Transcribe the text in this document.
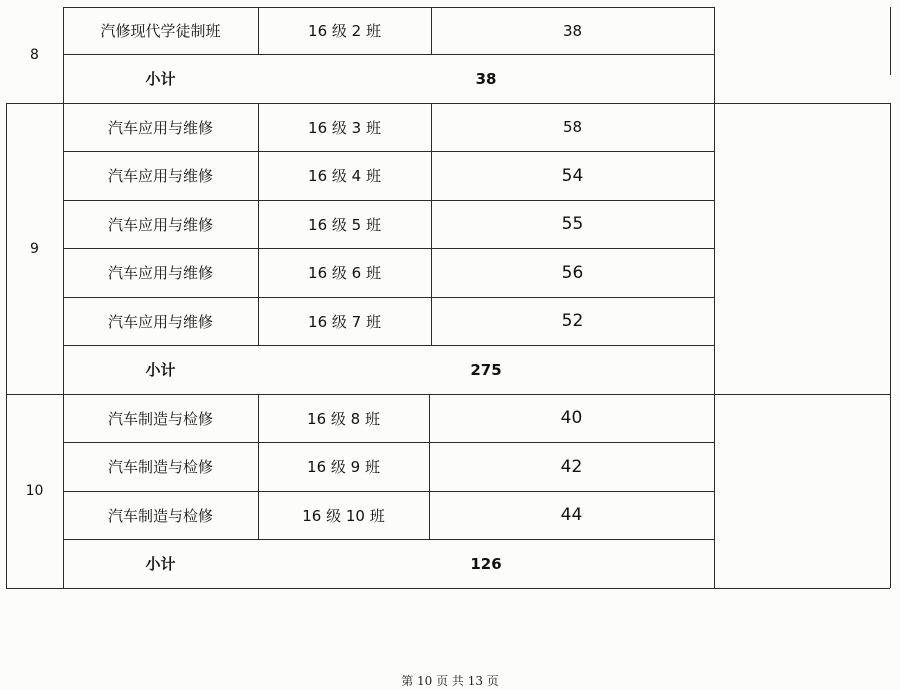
8
汽修现代学徒制班	16 级 2 班	38
小计	38
9
汽车应用与维修	16 级 3 班	58
汽车应用与维修	16 级 4 班	54
汽车应用与维修	16 级 5 班	55
汽车应用与维修	16 级 6 班	56
汽车应用与维修	16 级 7 班	52
小计	275
10
汽车制造与检修	16 级 8 班	40
汽车制造与检修	16 级 9 班	42
汽车制造与检修	16 级 10 班	44
小计	126
第 10 页 共 13 页
